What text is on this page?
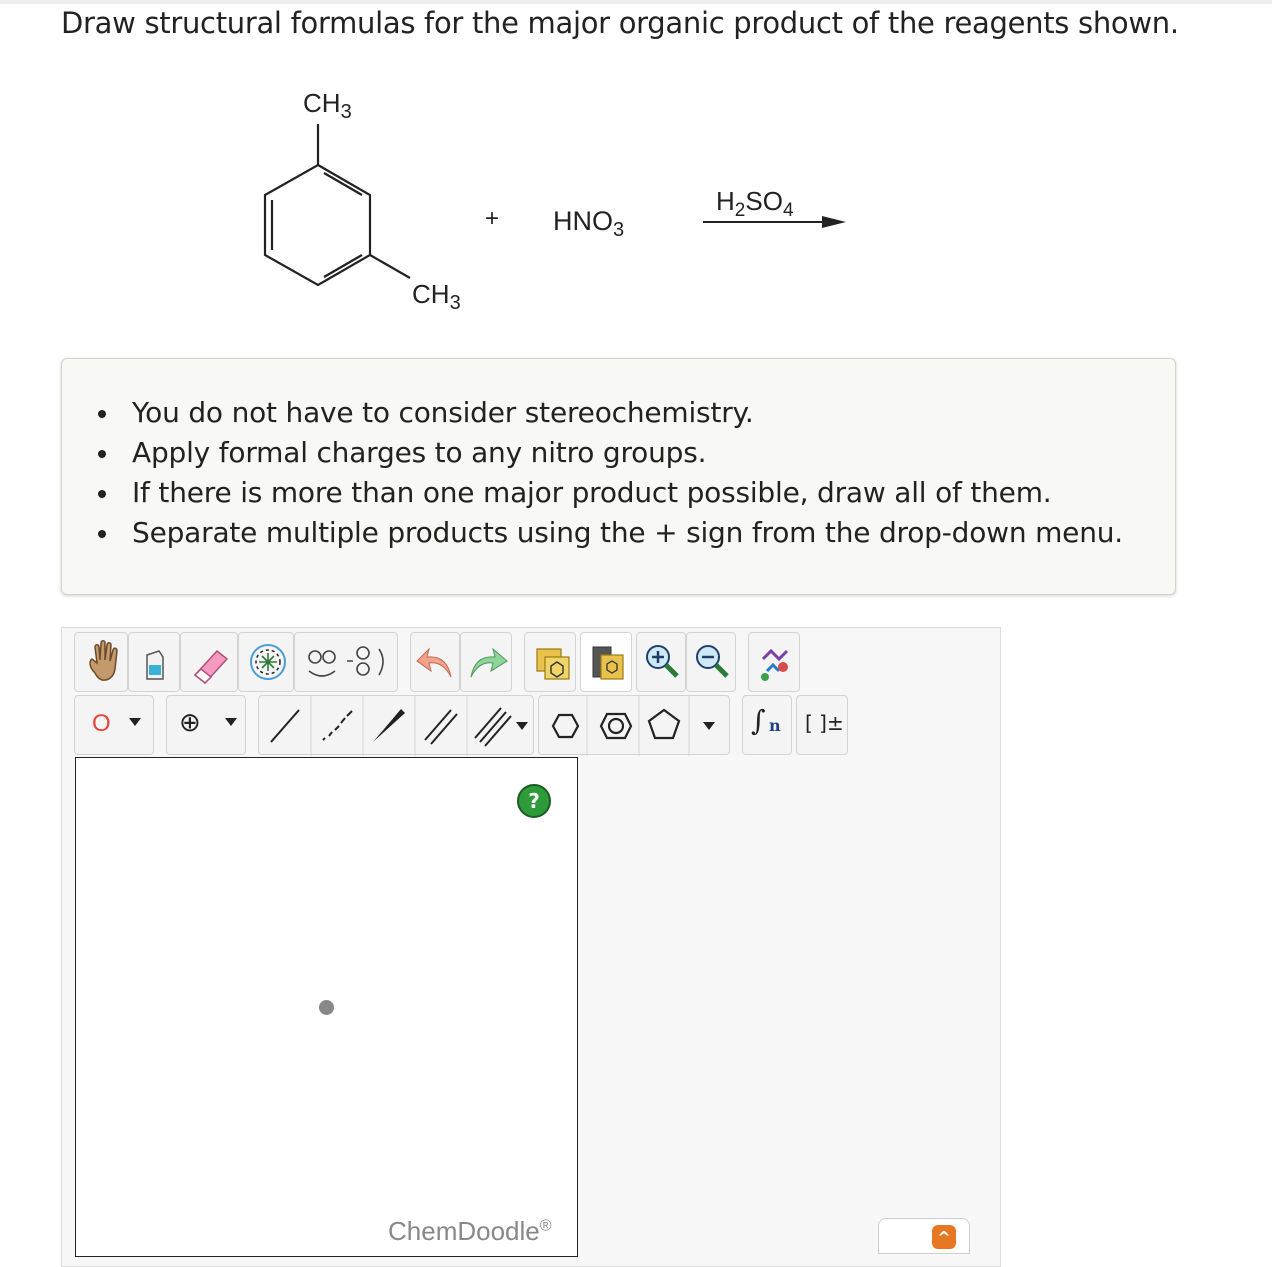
Draw structural formulas for the major organic product of the reagents shown.
$CH_3$
$CH_3$
+ $HNO_3$
$H_2SO_4$
You do not have to consider stereochemistry.
Apply formal charges to any nitro groups.
If there is more than one major product possible, draw all of them.
Separate multiple products using the + sign from the drop-down menu.
O	⊕	∫ n [ ]±
?
ChemDoodle®
^
